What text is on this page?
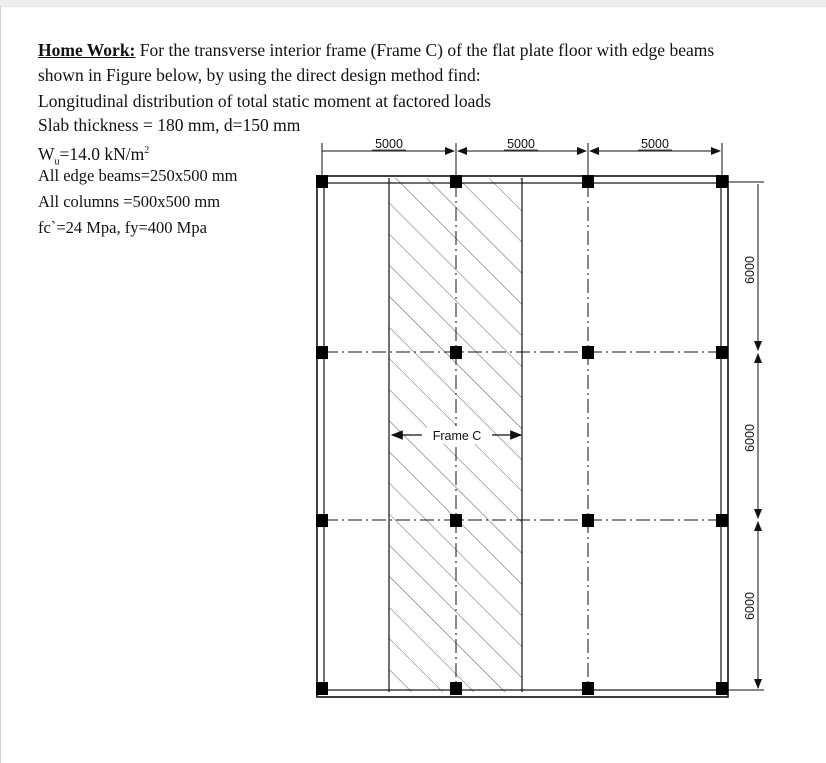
Home Work: For the transverse interior frame (Frame C) of the flat plate floor with edge beams
shown in Figure below, by using the direct design method find:
Longitudinal distribution of total static moment at factored loads
Slab thickness = 180 mm, d=150 mm
$W_u=14.0$ $kN/m^2$
All edge beams=250x500 mm
All columns =500x500 mm
fc`=24 Mpa, fy=400 Mpa
5000	5000	5000
6000
6000
6000
Frame C
